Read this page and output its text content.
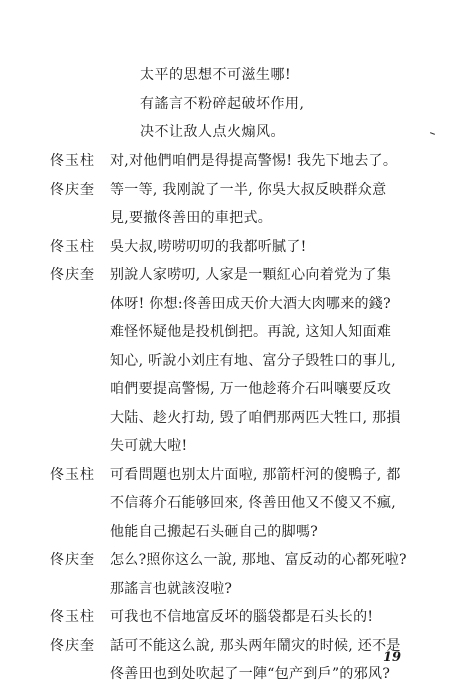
太平的思想不可滋生哪!
有謠言不粉碎起破坏作用,
决不让敌人点火煽风。
佟玉柱 对,对他們咱們是得提高警惕! 我先下地去了。
佟庆奎 等一等, 我刚說了一半, 你吳大叔反映群众意
見,要撤佟善田的車把式。
佟玉柱 吳大叔,唠唠叨叨的我都听膩了!
佟庆奎 别說人家唠叨, 人家是一顆紅心向着党为了集
体呀! 你想:佟善田成天价大酒大肉哪来的錢?
难怪怀疑他是投机倒把。再說, 这知人知面难
知心, 听說小刘庄有地、富分子毁牲口的事儿,
咱們要提高警惕, 万一他趁蒋介石叫嚷要反攻
大陆、趁火打劫, 毁了咱們那两匹大牲口, 那損
失可就大啦!
佟玉柱 可看問題也别太片面啦, 那箭杆河的傻鴨子, 都
不信蒋介石能够回來, 佟善田他又不傻又不瘋,
他能自己搬起石头砸自己的脚嗎?
佟庆奎 怎么?照你这么一說, 那地、富反动的心都死啦?
那謠言也就該沒啦?
佟玉柱 可我也不信地富反坏的腦袋都是石头长的!
佟庆奎 話可不能这么說, 那头两年鬧灾的时候, 还不是
佟善田也到处吹起了一陣“包产到戶”的邪风?
19
